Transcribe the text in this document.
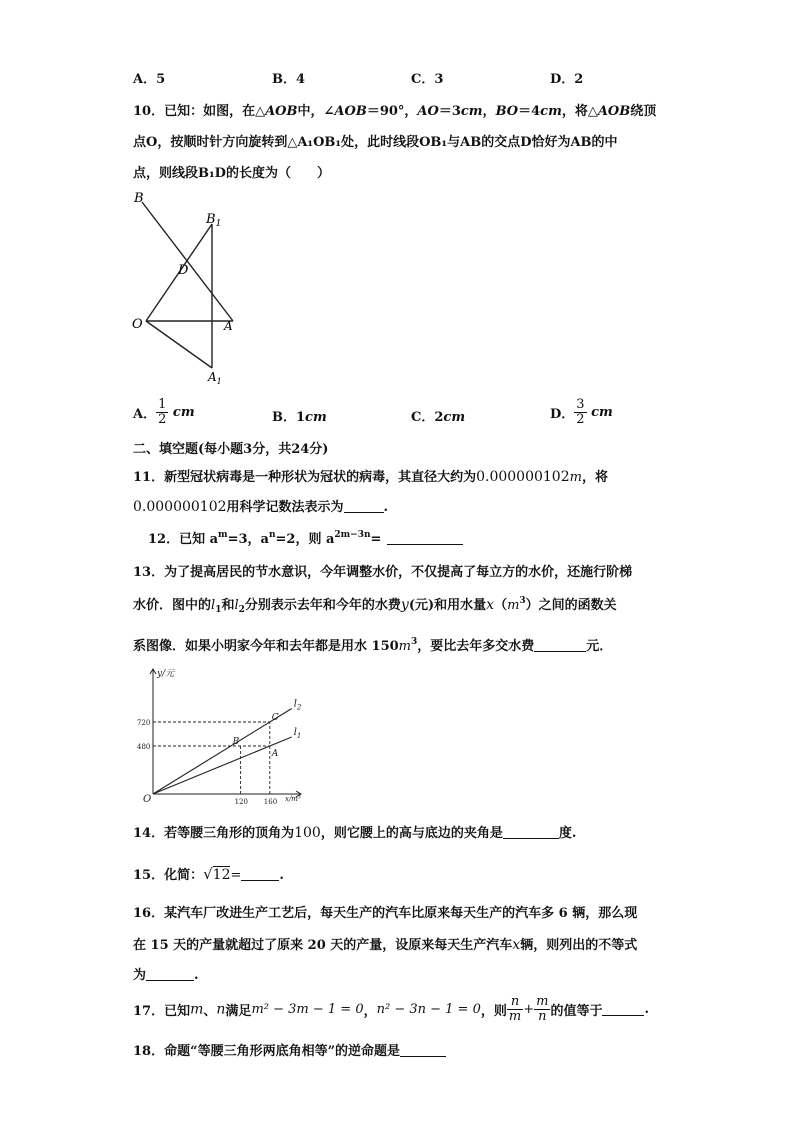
A．5	B．4	C．3	D．2
10．已知：如图，在△AOB中，∠AOB＝90°，AO＝3cm，BO＝4cm，将△AOB绕顶
点O，按顺时针方向旋转到△A₁OB₁处，此时线段OB₁与AB的交点D恰好为AB的中
点，则线段B₁D的长度为（　　）
B
$B_1$
D
O	A
$A_1$
A． $\frac{1}{2}$ cm	B．1cm	C．2cm	D． $\frac{3}{2}$ cm
二、填空题(每小题3分，共24分)
11．新型冠状病毒是一种形状为冠状的病毒，其直径大约为0.000000102m，将
0.000000102用科学记数法表示为	.
12．已知 $a^m=3$，$a^n=2$，则 $a^{2m-3n}=$
13．为了提高居民的节水意识，今年调整水价，不仅提高了每立方的水价，还施行阶梯
水价．图中的$l_1$和$l_2$分别表示去年和今年的水费y(元)和用水量$x(m^3)$之间的函数关
系图像．如果小明家今年和去年都是用水 $150m^3$，要比去年多交水费	元．
y/元
x/m³
O
$l_2$
B
C
$l_1$
A
720
480
120 160
14．若等腰三角形的顶角为100，则它腰上的高与底边的夹角是	度.
15．化简：√12=	.
16．某汽车厂改进生产工艺后，每天生产的汽车比原来每天生产的汽车多 6 辆，那么现
在 15 天的产量就超过了原来 20 天的产量，设原来每天生产汽车x辆，则列出的不等式
为	.
17．已知m、n满足m² − 3m − 1 = 0，n² − 3n − 1 = 0，则 $\frac{n}{m} + \frac{m}{n}$ 的值等于	.
18．命题“等腰三角形两底角相等”的逆命题是
